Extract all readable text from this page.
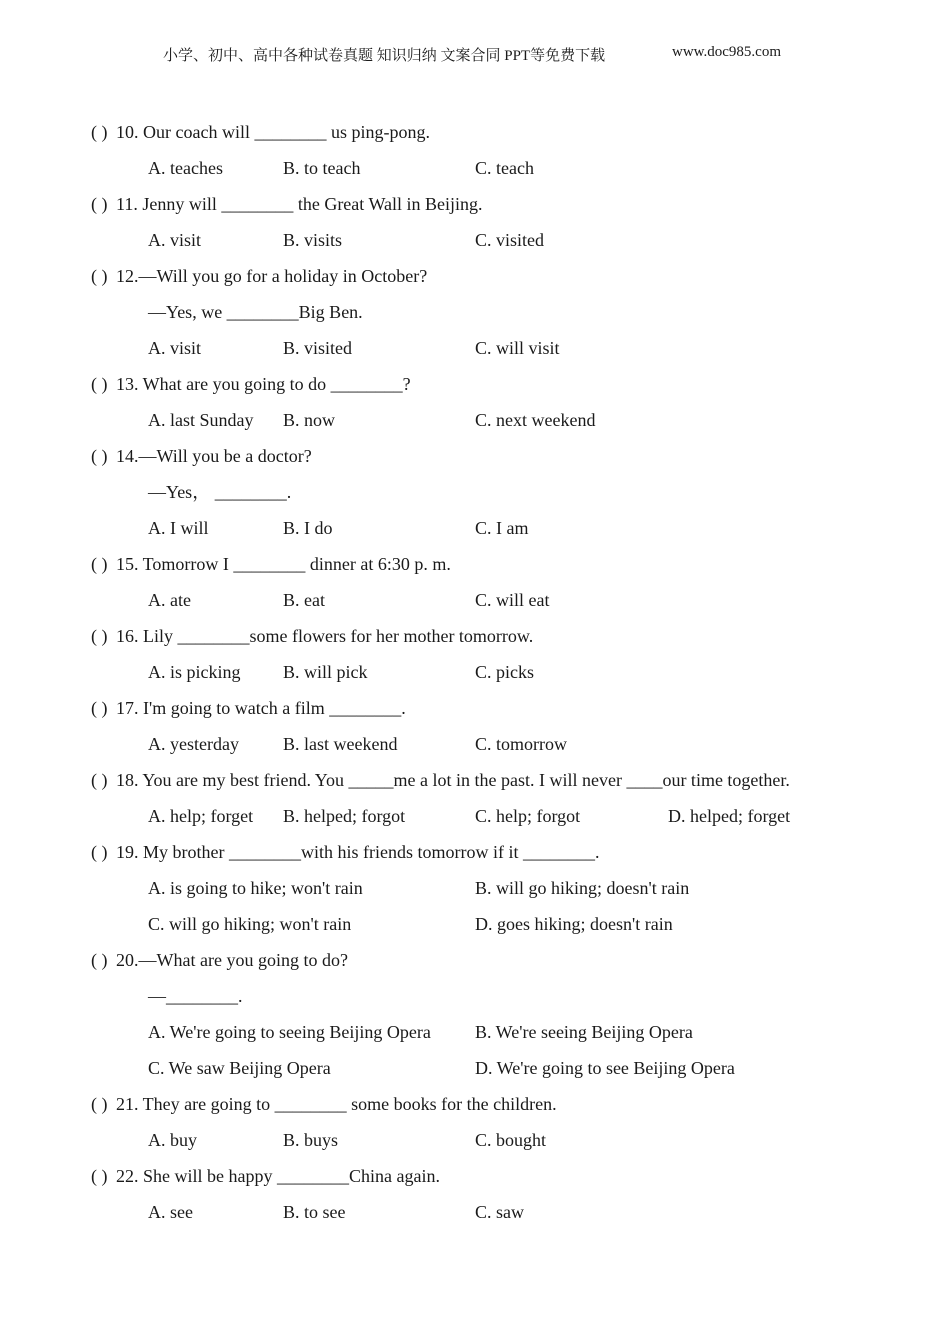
小学、初中、高中各种试卷真题 知识归纳 文案合同 PPT等免费下载	www.doc985.com
( ) 10. Our coach will ________ us ping-pong.
A. teaches	B. to teach	C. teach
( ) 11. Jenny will ________ the Great Wall in Beijing.
A. visit	B. visits	C. visited
( ) 12.—Will you go for a holiday in October?
—Yes, we ________Big Ben.
A. visit	B. visited	C. will visit
( ) 13. What are you going to do ________?
A. last Sunday B. now	C. next weekend
( ) 14.—Will you be a doctor?
—Yes， ________.
A. I will	B. I do	C. I am
( ) 15. Tomorrow I ________ dinner at 6:30 p. m.
A. ate	B. eat	C. will eat
( ) 16. Lily ________some flowers for her mother tomorrow.
A. is picking B. will pick	C. picks
( ) 17. I'm going to watch a film ________.
A. yesterday B. last weekend	C. tomorrow
( ) 18. You are my best friend. You _____me a lot in the past. I will never ____our time together.
A. help; forget B. helped; forgot	C. help; forgot	D. helped; forget
( ) 19. My brother ________with his friends tomorrow if it ________.
A. is going to hike; won't rain	B. will go hiking; doesn't rain
C. will go hiking; won't rain	D. goes hiking; doesn't rain
( ) 20.—What are you going to do?
—________.
A. We're going to seeing Beijing Opera B. We're seeing Beijing Opera
C. We saw Beijing Opera	D. We're going to see Beijing Opera
( ) 21. They are going to ________ some books for the children.
A. buy	B. buys	C. bought
( ) 22. She will be happy ________China again.
A. see	B. to see	C. saw
